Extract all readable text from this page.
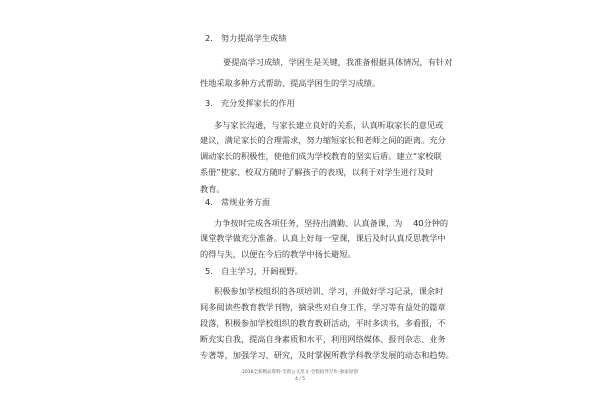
2.　努力提高学生成绩
要提高学习成绩，学困生是关键，我准备根据具体情况，有针对
性地采取多种方式帮助、提高学困生的学习成绩。
3.　充分发挥家长的作用
多与家长沟通，与家长建立良好的关系，认真听取家长的意见或
建议，满足家长的合理需求，努力缩短家长和老师之间的距离。充分
调动家长的积极性，使他们成为学校教育的坚实后盾。建立“家校联
系册”使家、校双方随时了解孩子的表现，以利于对学生进行及时
教育。
4.　常规业务方面
力争按时完成各项任务，坚持出满勤、认真备课，为　 40分钟的
课堂教学做充分准备。认真上好每一堂课，课后及时认真反思教学中
的得与失，以便在今后的教学中扬长避短。
5.　自主学习，开阔视野。
积极参加学校组织的各项培训、学习，并做好学习记录，课余时
间多阅读些教育教学刊物，摘录些对自身工作，学习等有益处的篇章
段落，积极参加学校组织的教育教研活动，平时多读书，多看报，不
断充实自我，提高自身素质和水平，利用网络媒体、报刊杂志、业务
专著等，加强学习、研究，及时掌握所教学科教学发展的动态和趋势。
2016全新精品资料-全新公文范文-全程指导写作–独家原创
4 / 5
